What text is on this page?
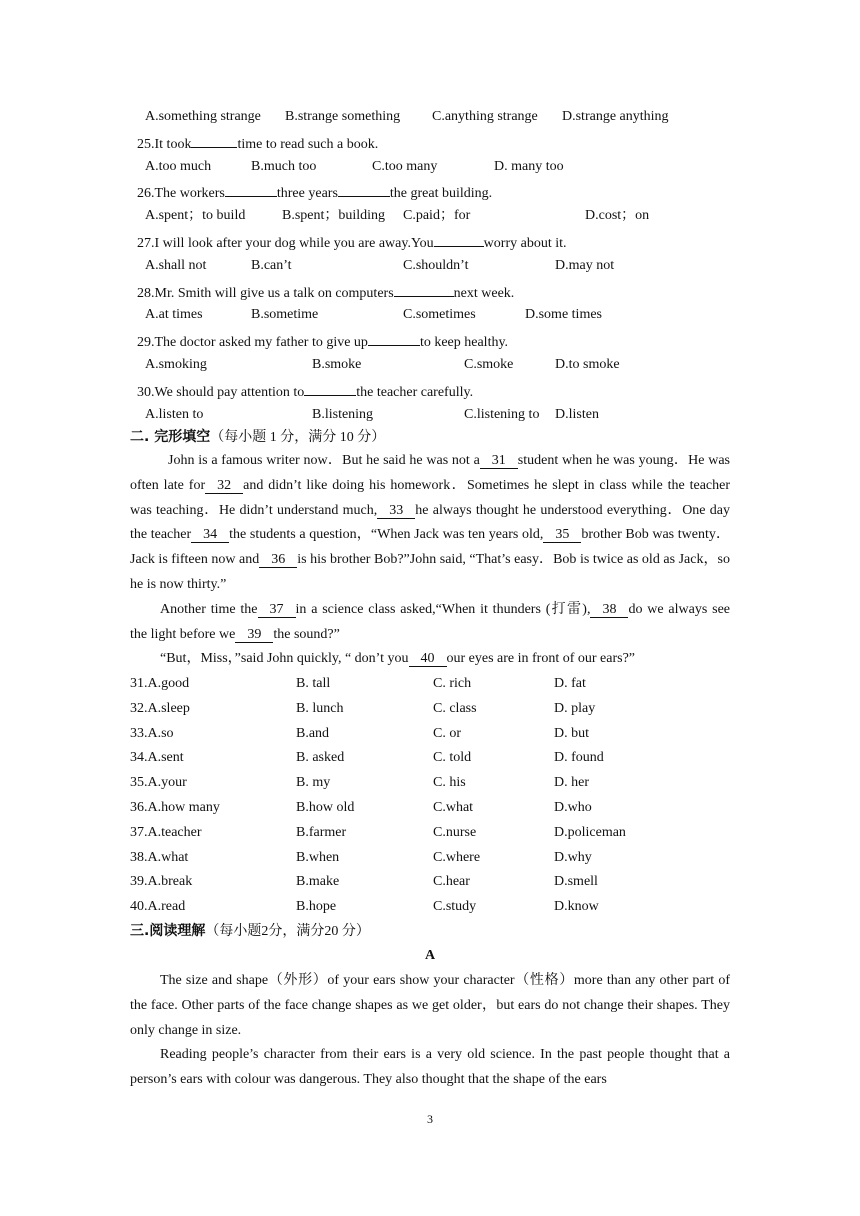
A.something strange B.strange something C.anything strange D.strange anything
25.It took	time to read such a book.
A.too much	B.much too	C.too many	D. many too
26.The workers	three years	the great building.
A.spent；to build	B.spent；building C.paid；for	D.cost；on
27.I will look after your dog while you are away.You	worry about it.
A.shall not	B.can’t	C.shouldn’t	D.may not
28.Mr. Smith will give us a talk on computers	next week.
A.at times	B.sometime	C.sometimes	D.some times
29.The doctor asked my father to give up	to keep healthy.
A.smoking	B.smoke	C.smoke	D.to smoke
30.We should pay attention to	the teacher carefully.
A.listen to	B.listening	C.listening to D.listen
二. 完形填空（每小题 1 分，满分 10 分）

John is a famous writer now．But he said he was not a 31 student when he was young．He was often late for 32 and didn’t like doing his homework．Sometimes he slept in class while the teacher was teaching．He didn’t understand much, 33 he always thought he understood everything．One day the teacher 34 the students a question，“When Jack was ten years old, 35 brother Bob was twenty．Jack is fifteen now and 36 is his brother Bob?”John said, “That’s easy．Bob is twice as old as Jack，so he is now thirty.”

Another time the 37 in a science class asked,“When it thunders (打雷), 38 do we always see the light before we 39 the sound?”

“But，Miss，”said John quickly, “ don’t you 40 our eyes are in front of our ears?”

31.A.good	B. tall	C. rich	D. fat
32.A.sleep	B. lunch	C. class	D. play
33.A.so	B.and	C. or	D. but
34.A.sent	B. asked	C. told	D. found
35.A.your	B. my	C. his	D. her
36.A.how many	B.how old	C.what	D.who
37.A.teacher	B.farmer	C.nurse	D.policeman
38.A.what	B.when	C.where	D.why
39.A.break	B.make	C.hear	D.smell
40.A.read	B.hope	C.study	D.know
三.阅读理解（每小题2分，满分20 分）
A

The size and shape（外形）of your ears show your character（性格）more than any other part of the face. Other parts of the face change shapes as we get older，but ears do not change their shapes. They only change in size.

Reading people’s character from their ears is a very old science. In the past people thought that a person’s ears with colour was dangerous. They also thought that the shape of the ears

3
